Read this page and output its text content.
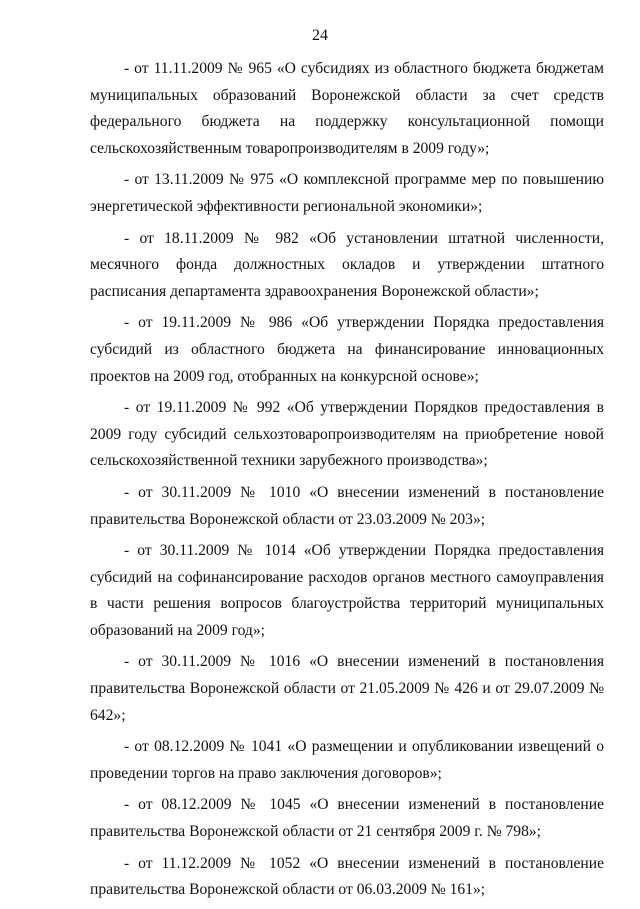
24

- от 11.11.2009 № 965 «О субсидиях из областного бюджета бюджетам муниципальных образований Воронежской области за счет средств федерального бюджета на поддержку консультационной помощи сельскохозяйственным товаропроизводителям в 2009 году»;

- от 13.11.2009 № 975 «О комплексной программе мер по повышению энергетической эффективности региональной экономики»;

- от 18.11.2009 № 982 «Об установлении штатной численности, месячного фонда должностных окладов и утверждении штатного расписания департамента здравоохранения Воронежской области»;

- от 19.11.2009 № 986 «Об утверждении Порядка предоставления субсидий из областного бюджета на финансирование инновационных проектов на 2009 год, отобранных на конкурсной основе»;

- от 19.11.2009 № 992 «Об утверждении Порядков предоставления в 2009 году субсидий сельхозтоваропроизводителям на приобретение новой сельскохозяйственной техники зарубежного производства»;

- от 30.11.2009 № 1010 «О внесении изменений в постановление правительства Воронежской области от 23.03.2009 № 203»;

- от 30.11.2009 № 1014 «Об утверждении Порядка предоставления субсидий на софинансирование расходов органов местного самоуправления в части решения вопросов благоустройства территорий муниципальных образований на 2009 год»;

- от 30.11.2009 № 1016 «О внесении изменений в постановления правительства Воронежской области от 21.05.2009 № 426 и от 29.07.2009 № 642»;

- от 08.12.2009 № 1041 «О размещении и опубликовании извещений о проведении торгов на право заключения договоров»;

- от 08.12.2009 № 1045 «О внесении изменений в постановление правительства Воронежской области от 21 сентября 2009 г. № 798»;

- от 11.12.2009 № 1052 «О внесении изменений в постановление правительства Воронежской области от 06.03.2009 № 161»;
